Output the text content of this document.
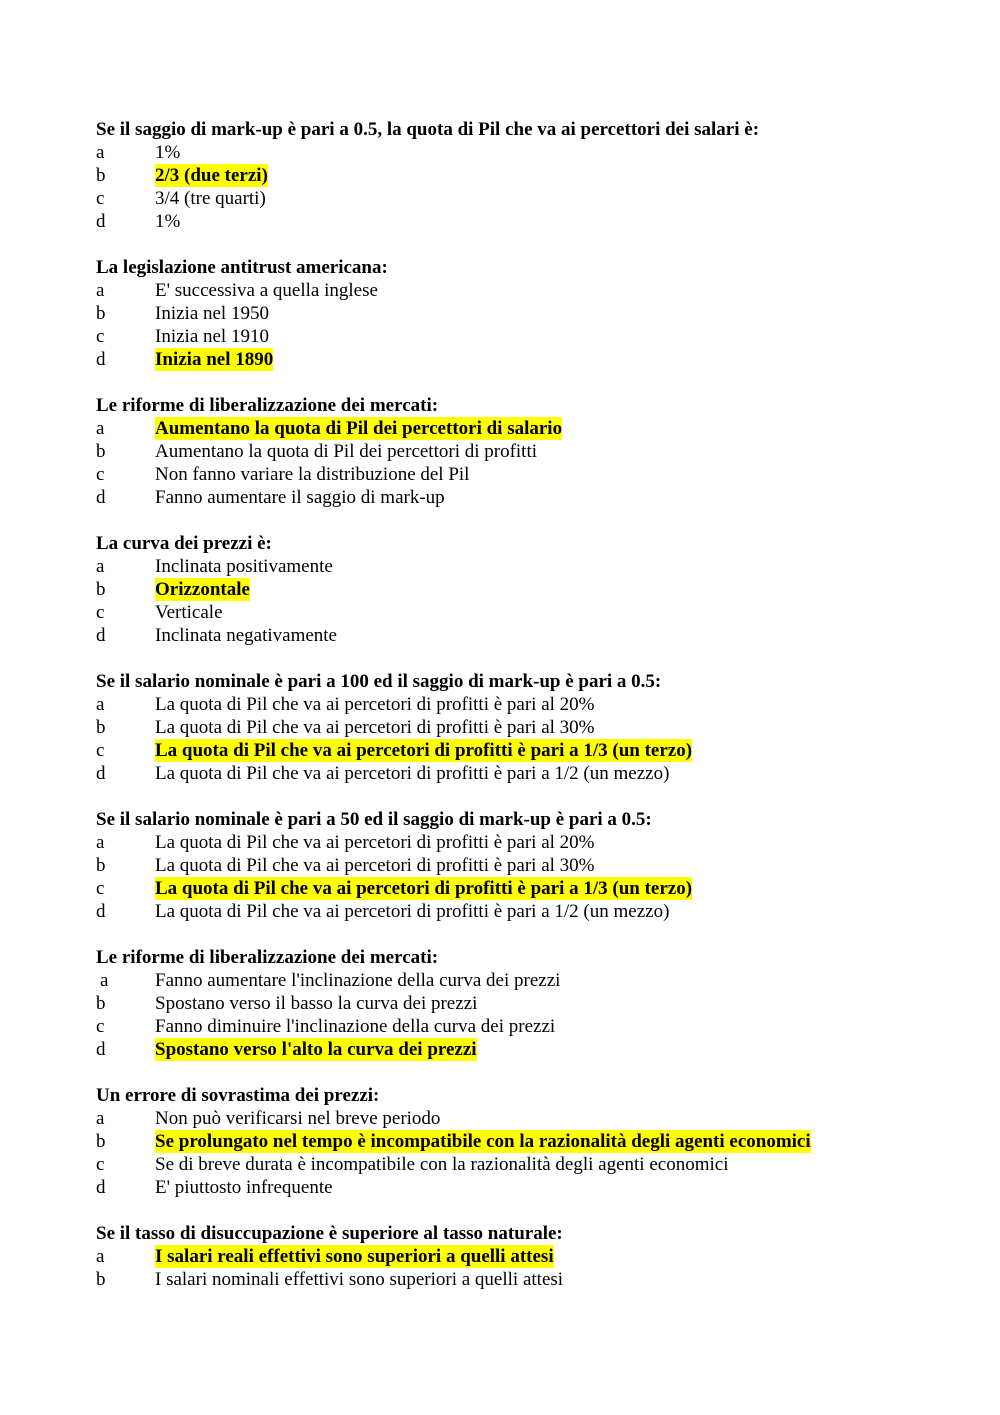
Se il saggio di mark-up è pari a 0.5, la quota di Pil che va ai percettori dei salari è:
a	1%
b	2/3 (due terzi)
c	3/4 (tre quarti)
d	1%
La legislazione antitrust americana:
a	E' successiva a quella inglese
b	Inizia nel 1950
c	Inizia nel 1910
d	Inizia nel 1890
Le riforme di liberalizzazione dei mercati:
a	Aumentano la quota di Pil dei percettori di salario
b	Aumentano la quota di Pil dei percettori di profitti
c	Non fanno variare la distribuzione del Pil
d	Fanno aumentare il saggio di mark-up
La curva dei prezzi è:
a	Inclinata positivamente
b	Orizzontale
c	Verticale
d	Inclinata negativamente
Se il salario nominale è pari a 100 ed il saggio di mark-up è pari a 0.5:
a	La quota di Pil che va ai percetori di profitti è pari al 20%
b	La quota di Pil che va ai percetori di profitti è pari al 30%
c	La quota di Pil che va ai percetori di profitti è pari a 1/3 (un terzo)
d	La quota di Pil che va ai percetori di profitti è pari a 1/2 (un mezzo)
Se il salario nominale è pari a 50 ed il saggio di mark-up è pari a 0.5:
a	La quota di Pil che va ai percetori di profitti è pari al 20%
b	La quota di Pil che va ai percetori di profitti è pari al 30%
c	La quota di Pil che va ai percetori di profitti è pari a 1/3 (un terzo)
d	La quota di Pil che va ai percetori di profitti è pari a 1/2 (un mezzo)
Le riforme di liberalizzazione dei mercati:
a	Fanno aumentare l'inclinazione della curva dei prezzi
b	Spostano verso il basso la curva dei prezzi
c	Fanno diminuire l'inclinazione della curva dei prezzi
d	Spostano verso l'alto la curva dei prezzi
Un errore di sovrastima dei prezzi:
a	Non può verificarsi nel breve periodo
b	Se prolungato nel tempo è incompatibile con la razionalità degli agenti economici
c	Se di breve durata è incompatibile con la razionalità degli agenti economici
d	E' piuttosto infrequente
Se il tasso di disuccupazione è superiore al tasso naturale:
a	I salari reali effettivi sono superiori a quelli attesi
b	I salari nominali effettivi sono superiori a quelli attesi
